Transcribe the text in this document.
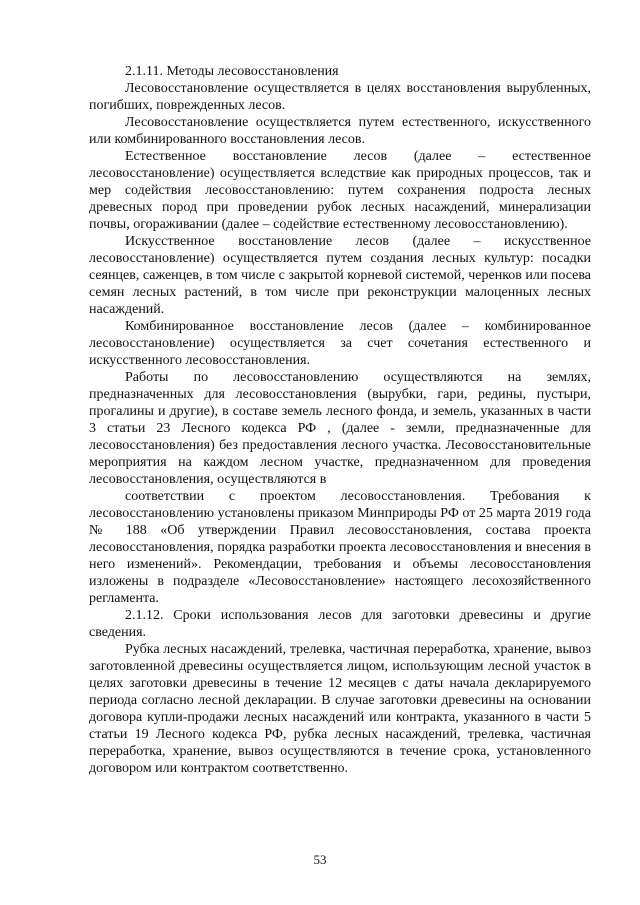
2.1.11. Методы лесовосстановления

Лесовосстановление осуществляется в целях восстановления вырубленных, погибших, поврежденных лесов.

Лесовосстановление осуществляется путем естественного, искусственного или комбинированного восстановления лесов.

Естественное восстановление лесов (далее – естественное лесовосстановление) осуществляется вследствие как природных процессов, так и мер содействия лесовосстановлению: путем сохранения подроста лесных древесных пород при проведении рубок лесных насаждений, минерализации почвы, огораживании (далее – содействие естественному лесовосстановлению).

Искусственное восстановление лесов (далее – искусственное лесовосстановление) осуществляется путем создания лесных культур: посадки сеянцев, саженцев, в том числе с закрытой корневой системой, черенков или посева семян лесных растений, в том числе при реконструкции малоценных лесных насаждений.

Комбинированное восстановление лесов (далее – комбинированное лесовосстановление) осуществляется за счет сочетания естественного и искусственного лесовосстановления.

Работы по лесовосстановлению осуществляются на землях, предназначенных для лесовосстановления (вырубки, гари, редины, пустыри, прогалины и другие), в составе земель лесного фонда, и земель, указанных в части 3 статьи 23 Лесного кодекса РФ , (далее - земли, предназначенные для лесовосстановления) без предоставления лесного участка. Лесовосстановительные мероприятия на каждом лесном участке, предназначенном для проведения лесовосстановления, осуществляются в

соответствии с проектом лесовосстановления. Требования к лесовосстановлению установлены приказом Минприроды РФ от 25 марта 2019 года № 188 «Об утверждении Правил лесовосстановления, состава проекта лесовосстановления, порядка разработки проекта лесовосстановления и внесения в него изменений». Рекомендации, требования и объемы лесовосстановления изложены в подразделе «Лесовосстановление» настоящего лесохозяйственного регламента.

2.1.12. Сроки использования лесов для заготовки древесины и другие сведения.

Рубка лесных насаждений, трелевка, частичная переработка, хранение, вывоз заготовленной древесины осуществляется лицом, использующим лесной участок в целях заготовки древесины в течение 12 месяцев с даты начала декларируемого периода согласно лесной декларации. В случае заготовки древесины на основании договора купли-продажи лесных насаждений или контракта, указанного в части 5 статьи 19 Лесного кодекса РФ, рубка лесных насаждений, трелевка, частичная переработка, хранение, вывоз осуществляются в течение срока, установленного договором или контрактом соответственно.

53
